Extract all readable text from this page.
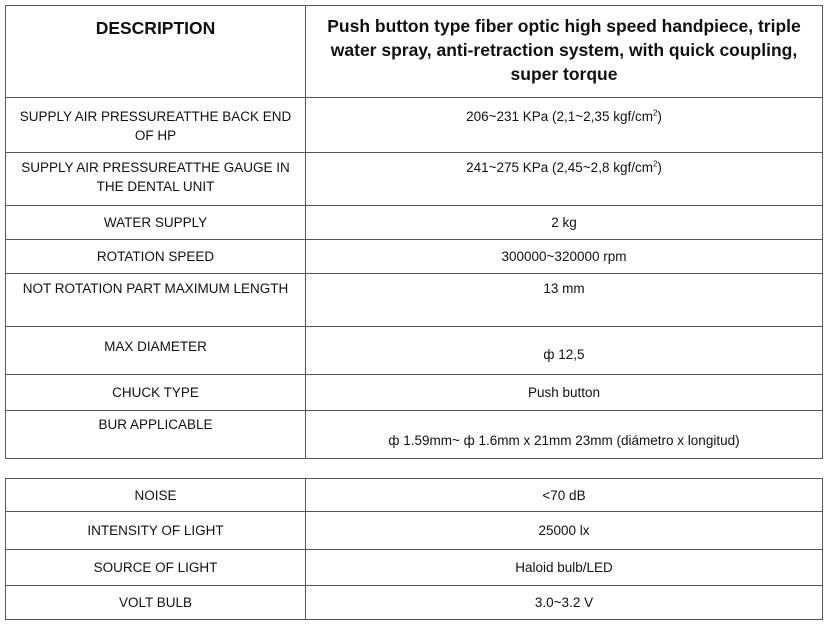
DESCRIPTION	Push button type fiber optic high speed handpiece, triple water spray, anti-retraction system, with quick coupling, super torque
SUPPLY AIR PRESSUREATTHE BACK END OF HP	206~231 KPa (2,1~2,35 kgf/$cm^2$)
SUPPLY AIR PRESSUREATTHE GAUGE IN THE DENTAL UNIT	241~275 KPa (2,45~2,8 kgf/$cm^2$)
WATER SUPPLY	2 kg
ROTATION SPEED	300000~320000 rpm
NOT ROTATION PART MAXIMUM LENGTH	13 mm
MAX DIAMETER	ф 12,5
CHUCK TYPE	Push button
BUR APPLICABLE	ф 1.59mm~ ф 1.6mm x 21mm 23mm (diámetro x longitud)
NOISE	<70 dB
INTENSITY OF LIGHT	25000 lx
SOURCE OF LIGHT	Haloid bulb/LED
VOLT BULB	3.0~3.2 V
